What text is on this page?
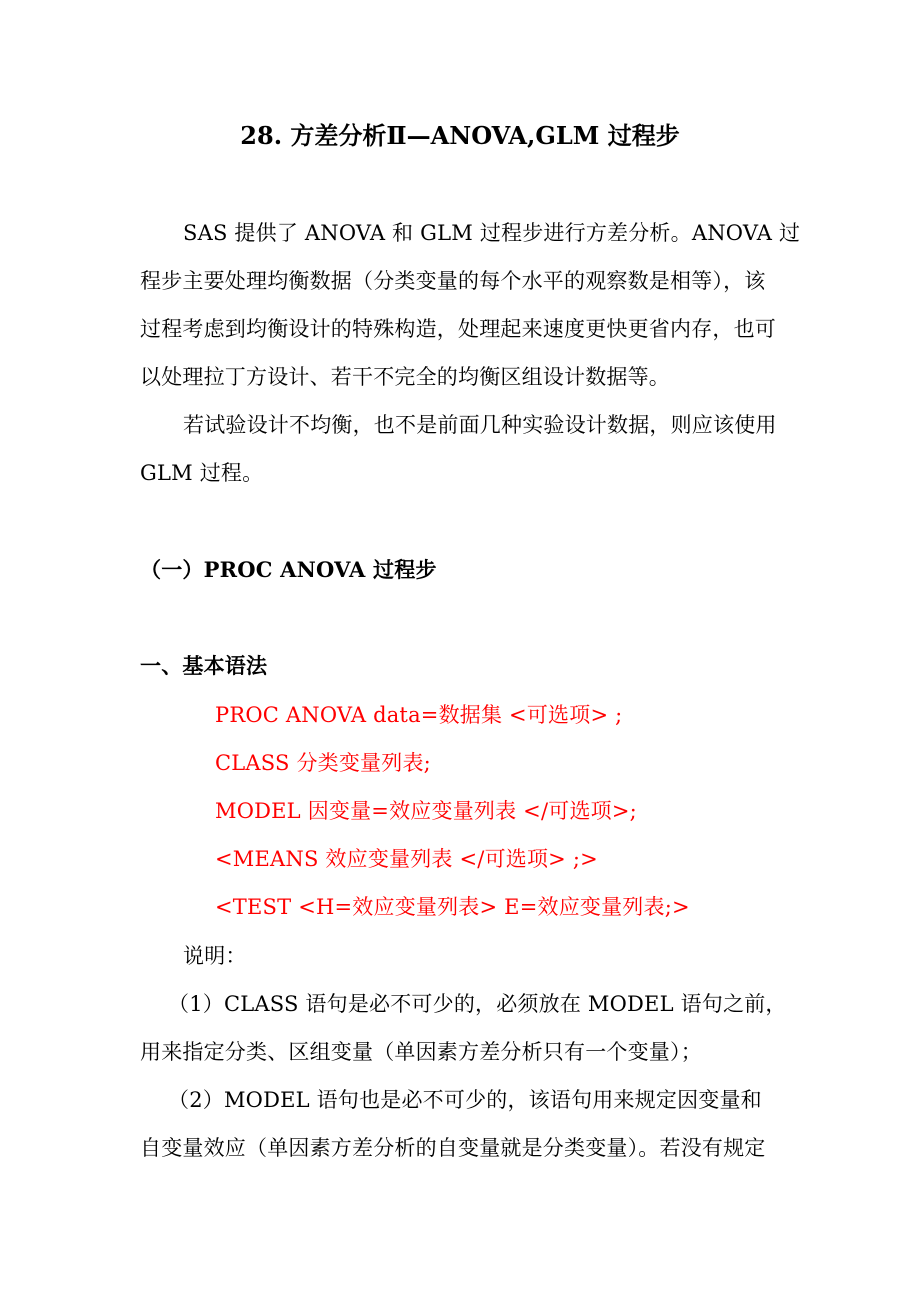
28. 方差分析Ⅱ—ANOVA,GLM 过程步
SAS 提供了 ANOVA 和 GLM 过程步进行方差分析。ANOVA 过
程步主要处理均衡数据（分类变量的每个水平的观察数是相等），该
过程考虑到均衡设计的特殊构造，处理起来速度更快更省内存，也可
以处理拉丁方设计、若干不完全的均衡区组设计数据等。
若试验设计不均衡，也不是前面几种实验设计数据，则应该使用
GLM 过程。
（一）PROC ANOVA 过程步
一、基本语法
PROC ANOVA data=数据集 <可选项> ;
CLASS 分类变量列表;
MODEL 因变量=效应变量列表 </可选项>;
<MEANS 效应变量列表 </可选项> ;>
<TEST <H=效应变量列表> E=效应变量列表;>
说明：
（1）CLASS 语句是必不可少的，必须放在 MODEL 语句之前，
用来指定分类、区组变量（单因素方差分析只有一个变量）；
（2）MODEL 语句也是必不可少的，该语句用来规定因变量和
自变量效应（单因素方差分析的自变量就是分类变量）。若没有规定
